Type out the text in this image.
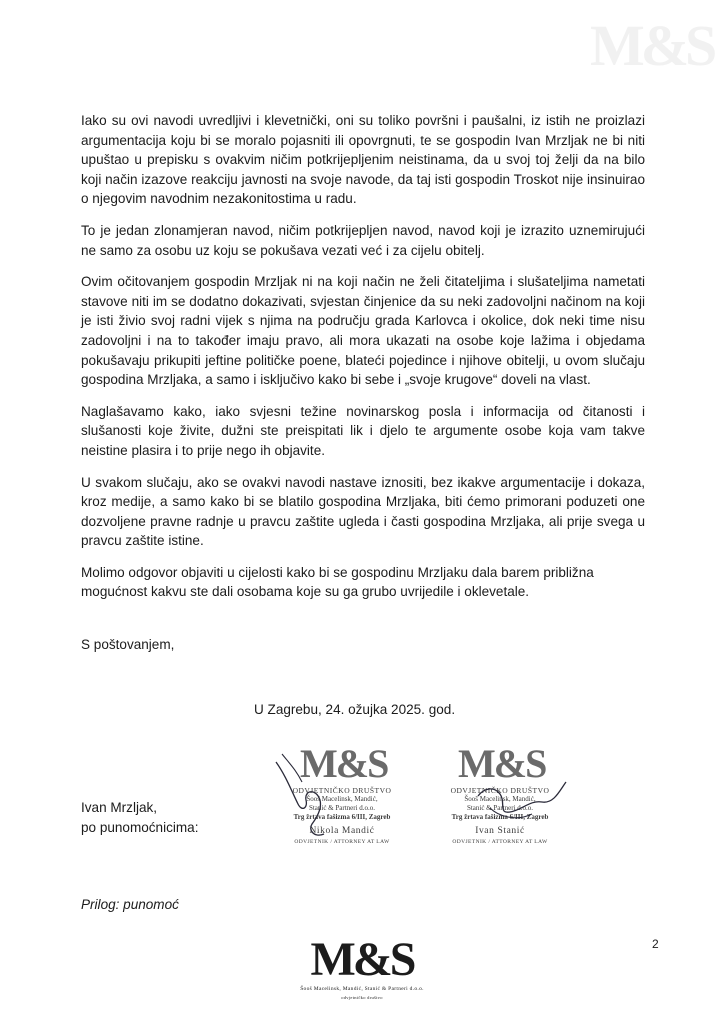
M&S

Iako su ovi navodi uvredljivi i klevetnički, oni su toliko površni i paušalni, iz istih ne proizlazi argumentacija koju bi se moralo pojasniti ili opovrgnuti, te se gospodin Ivan Mrzljak ne bi niti upuštao u prepisku s ovakvim ničim potkrijepljenim neistinama, da u svoj toj želji da na bilo koji način izazove reakciju javnosti na svoje navode, da taj isti gospodin Troskot nije insinuirao o njegovim navodnim nezakonitostima u radu.

To je jedan zlonamjeran navod, ničim potkrijepljen navod, navod koji je izrazito uznemirujući ne samo za osobu uz koju se pokušava vezati već i za cijelu obitelj.

Ovim očitovanjem gospodin Mrzljak ni na koji način ne želi čitateljima i slušateljima nametati stavove niti im se dodatno dokazivati, svjestan činjenice da su neki zadovoljni načinom na koji je isti živio svoj radni vijek s njima na području grada Karlovca i okolice, dok neki time nisu zadovoljni i na to također imaju pravo, ali mora ukazati na osobe koje lažima i objedama pokušavaju prikupiti jeftine političke poene, blateći pojedince i njihove obitelji, u ovom slučaju gospodina Mrzljaka, a samo i isključivo kako bi sebe i „svoje krugove“ doveli na vlast.

Naglašavamo kako, iako svjesni težine novinarskog posla i informacija od čitanosti i slušanosti koje živite, dužni ste preispitati lik i djelo te argumente osobe koja vam takve neistine plasira i to prije nego ih objavite.

U svakom slučaju, ako se ovakvi navodi nastave iznositi, bez ikakve argumentacije i dokaza, kroz medije, a samo kako bi se blatilo gospodina Mrzljaka, biti ćemo primorani poduzeti one dozvoljene pravne radnje u pravcu zaštite ugleda i časti gospodina Mrzljaka, ali prije svega u pravcu zaštite istine.

Molimo odgovor objaviti u cijelosti kako bi se gospodinu Mrzljaku dala barem približna mogućnost kakvu ste dali osobama koje su ga grubo uvrijedile i oklevetale.

S poštovanjem,
U Zagrebu, 24. ožujka 2025. god.
Ivan Mrzljak,
po punomoćnicima:
M&S
ODVJETNIČKO DRUŠTVO
Šooš Macelinsk, Mandić,
Stanić & Partneri d.o.o.
Trg žrtava fašizma 6/III, Zagreb
Nikola Mandić
ODVJETNIK / ATTORNEY AT LAW
M&S
ODVJETNIČKO DRUŠTVO
Šooš Macelinsk, Mandić,
Stanić & Partneri d.o.o.
Trg žrtava fašizma 6/III, Zagreb
Ivan Stanić
ODVJETNIK / ATTORNEY AT LAW
Prilog: punomoć
2
M&S
Šooš Macelinsk, Mandić, Stanić & Partneri d.o.o.
odvjetničko društvo
